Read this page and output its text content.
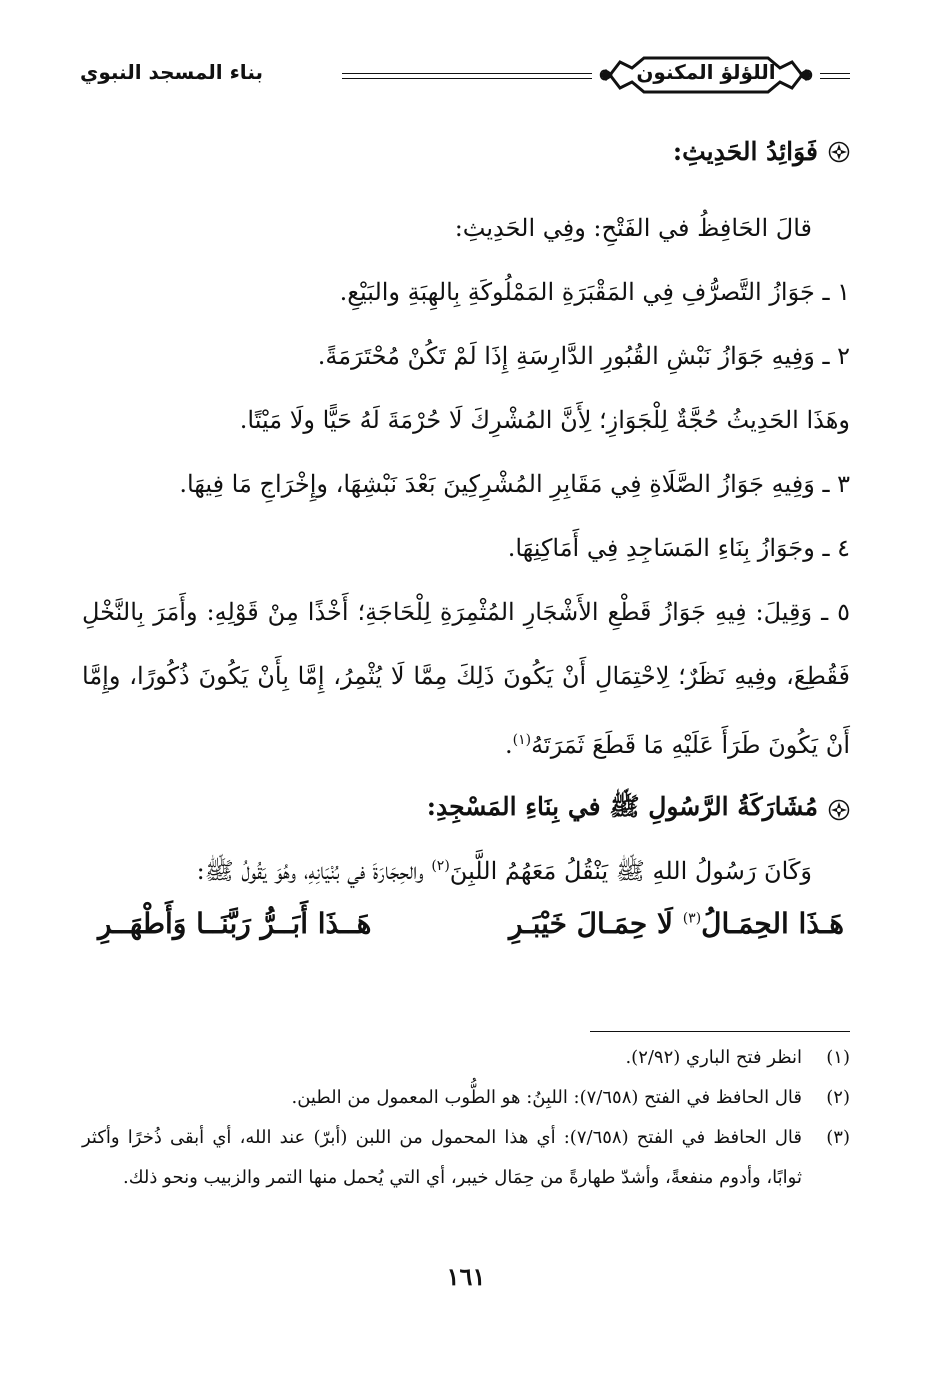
اللؤلؤ المكنون
بناء المسجد النبوي
فَوَائِدُ الحَدِيثِ:

قالَ الحَافِظُ في الفَتْحِ: وفِي الحَدِيثِ:

١ ـ جَوَازُ التَّصرُّفِ فِي المَقْبَرَةِ المَمْلُوكَةِ بِالهِبَةِ والبَيْعِ.

٢ ـ وَفِيهِ جَوَازُ نَبْشِ القُبُورِ الدَّارِسَةِ إِذَا لَمْ تَكُنْ مُحْتَرَمَةً.

وهَذَا الحَدِيثُ حُجَّةٌ لِلْجَوَازِ؛ لِأَنَّ المُشْرِكَ لَا حُرْمَةَ لَهُ حَيًّا ولَا مَيْتًا.

٣ ـ وَفِيهِ جَوَازُ الصَّلَاةِ فِي مَقَابِرِ المُشْرِكِينَ بَعْدَ نَبْشِهَا، وإِخْرَاجِ مَا فِيهَا.

٤ ـ وجَوَازُ بِنَاءِ المَسَاجِدِ فِي أَمَاكِنِهَا.

٥ ـ وَقِيلَ: فِيهِ جَوَازُ قَطْعِ الأَشْجَارِ المُثْمِرَةِ لِلْحَاجَةِ؛ أَخْذًا مِنْ قَوْلِهِ: وأَمَرَ بِالنَّخْلِ فَقُطِعَ، وفِيهِ نَظَرٌ؛ لِاحْتِمَالِ أَنْ يَكُونَ ذَلِكَ مِمَّا لَا يُثْمِرُ، إِمَّا بِأَنْ يَكُونَ ذُكُورًا، وإِمَّا أَنْ يَكُونَ طَرَأَ عَلَيْهِ مَا قَطَعَ ثَمَرَتَهُ$^{(١)}$.

مُشَارَكَةُ الرَّسُولِ ﷺ في بِنَاءِ المَسْجِدِ:

وَكَانَ رَسُولُ اللهِ ﷺ يَنْقُلُ مَعَهُمُ اللَّبِنَ$^{(٢)}$ والحِجَارَةَ في بُنْيَانِهِ، وهُوَ يَقُولُ ﷺ:

هَـذَا الحِمَـالُ$^{(٣)}$ لَا حِمَـالَ خَيْبَـرِ
هَــذَا أَبَــرُّ رَبَّنَــا وَأَطْهَــرِ
(١)
انظر فتح الباري (٢/٩٢).
(٢)
قال الحافظ في الفتح (٧/٦٥٨): اللبِنُ: هو الطُّوب المعمول من الطين.
(٣)
قال الحافظ في الفتح (٧/٦٥٨): أي هذا المحمول من اللبن (أبرّ) عند الله، أي أبقى ذُخرًا وأكثر ثوابًا، وأدوم منفعةً، وأشدّ طهارةً من حِمَال خيبر، أي التي يُحمل منها التمر والزبيب ونحو ذلك.
١٦١
